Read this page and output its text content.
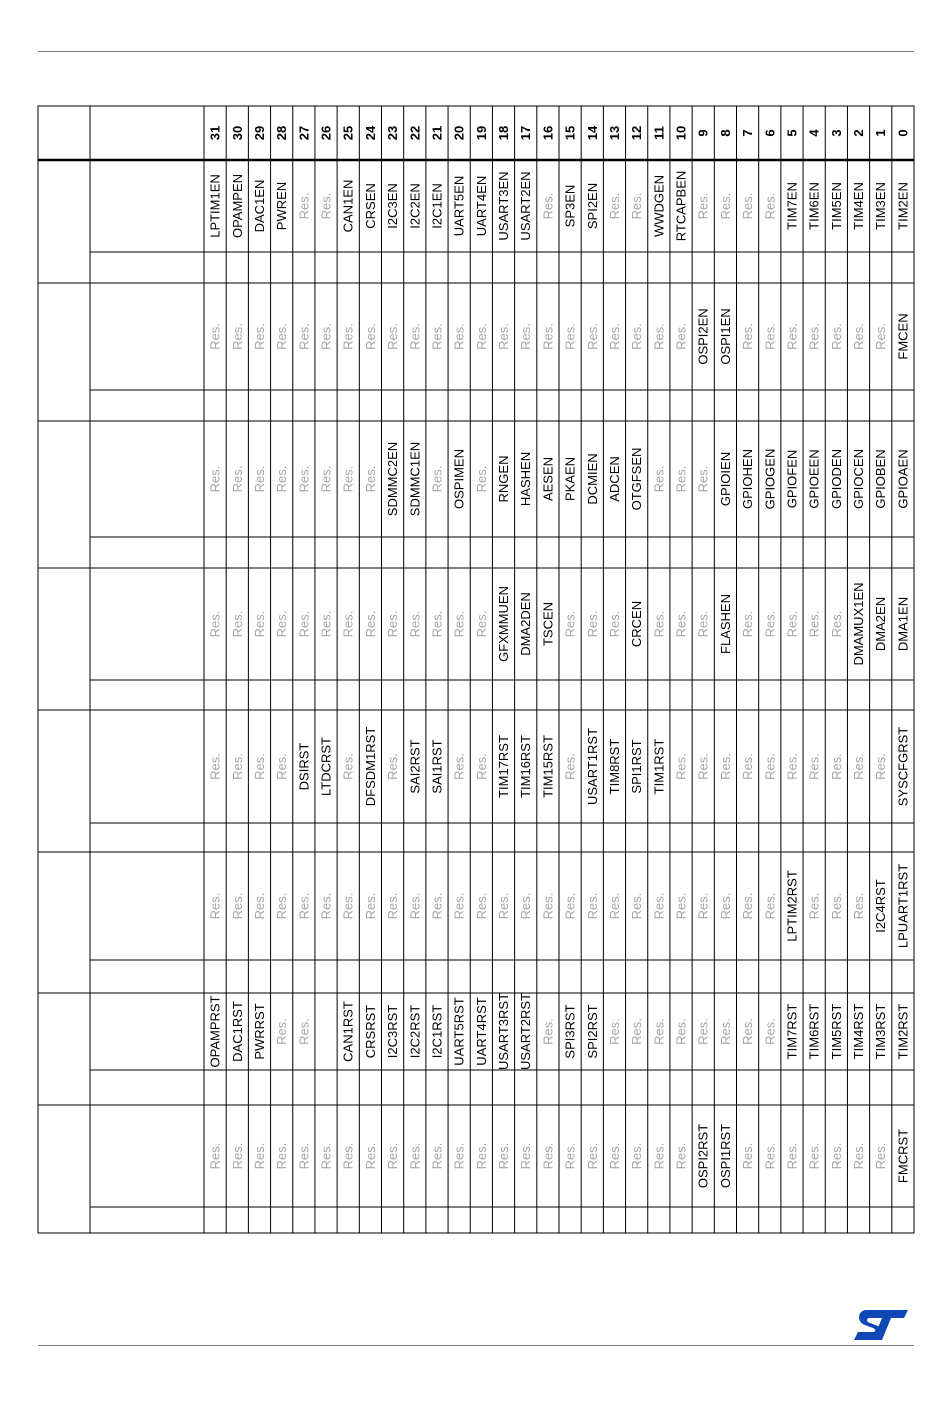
31 30 29 28 27 26 25 24 23 22 21 20 19 18 17 16 15 14 13 12 11 10 9 8 7 6 5 4 3 2 1 0
FMCRST
Res.
Res.
Res.
Res.
Res.
Res.
Res.
OSPI1RST
OSPI2RST
Res.
Res.
Res.
Res.
Res.
Res.
Res.
Res.
Res.
Res.
Res.
Res.
Res.
Res.
Res.
Res.
Res.
Res.
Res.
Res.
Res.
Res.
TIM2RST
TIM3RST
TIM4RST
TIM5RST
TIM6RST
TIM7RST
Res.
Res.
Res.
Res.
Res.
Res.
Res.
Res.
SPI2RST
SPI3RST
Res.
USART2RST
USART3RST
UART4RST
UART5RST
I2C1RST
I2C2RST
I2C3RST
CRSRST
CAN1RST
Res.
Res.
PWRRST
DAC1RST
OPAMPRST
LPUART1RST
I2C4RST
Res.
Res.
Res.
LPTIM2RST
Res.
Res.
Res.
Res.
Res.
Res.
Res.
Res.
Res.
Res.
Res.
Res.
Res.
Res.
Res.
Res.
Res.
Res.
Res.
Res.
Res.
Res.
Res.
Res.
Res.
Res.
SYSCFGRST
Res.
Res.
Res.
Res.
Res.
Res.
Res.
Res.
Res.
Res.
TIM1RST
SPI1RST
TIM8RST
USART1RST
Res.
TIM15RST
TIM16RST
TIM17RST
Res.
Res.
SAI1RST
SAI2RST
Res.
DFSDM1RST
Res.
LTDCRST
DSIRST
Res.
Res.
Res.
Res.
DMA1EN
DMA2EN
DMAMUX1EN
Res.
Res.
Res.
Res.
Res.
FLASHEN
Res.
Res.
Res.
CRCEN
Res.
Res.
Res.
TSCEN
DMA2DEN
GFXMMUEN
Res.
Res.
Res.
Res.
Res.
Res.
Res.
Res.
Res.
Res.
Res.
Res.
Res.
GPIOAEN
GPIOBEN
GPIOCEN
GPIODEN
GPIOEEN
GPIOFEN
GPIOGEN
GPIOHEN
GPIOIEN
Res.
Res.
Res.
OTGFSEN
ADCEN
DCMIEN
PKAEN
AESEN
HASHEN
RNGEN
Res.
OSPIMEN
Res.
SDMMC1EN
SDMMC2EN
Res.
Res.
Res.
Res.
Res.
Res.
Res.
Res.
FMCEN
Res.
Res.
Res.
Res.
Res.
Res.
Res.
OSPI1EN
OSPI2EN
Res.
Res.
Res.
Res.
Res.
Res.
Res.
Res.
Res.
Res.
Res.
Res.
Res.
Res.
Res.
Res.
Res.
Res.
Res.
Res.
Res.
Res.
TIM2EN
TIM3EN
TIM4EN
TIM5EN
TIM6EN
TIM7EN
Res.
Res.
Res.
Res.
RTCAPBEN
WWDGEN
Res.
Res.
SPI2EN
SP3EN
Res.
USART2EN
USART3EN
UART4EN
UART5EN
I2C1EN
I2C2EN
I2C3EN
CRSEN
CAN1EN
Res.
Res.
PWREN
DAC1EN
OPAMPEN
LPTIM1EN
